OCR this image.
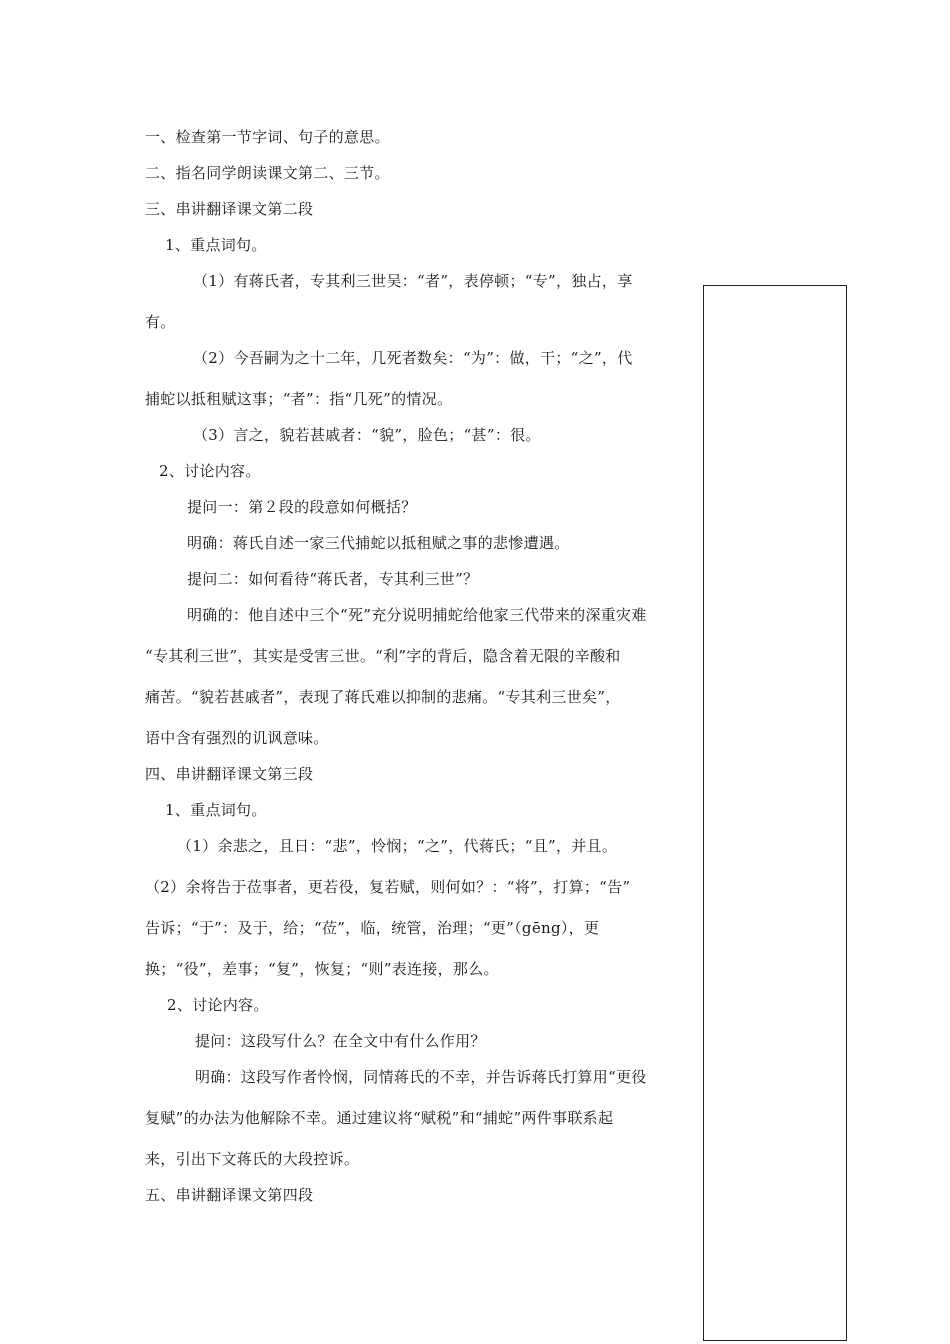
一、检查第一节字词、句子的意思。
二、指名同学朗读课文第二、三节。
三、串讲翻译课文第二段
1、重点词句。
（1）有蒋氏者，专其利三世吴：“者”，表停顿；“专”，独占，享
有。
（2）今吾嗣为之十二年，几死者数矣：“为”：做，干；“之”，代
捕蛇以抵租赋这事；“者”：指“几死”的情况。
（3）言之，貌若甚戚者：“貌”，脸色；“甚”：很。
2、讨论内容。
提问一：第２段的段意如何概括？
明确：蒋氏自述一家三代捕蛇以抵租赋之事的悲惨遭遇。
提问二：如何看待“蒋氏者，专其利三世”？
明确的：他自述中三个“死”充分说明捕蛇给他家三代带来的深重灾难
“专其利三世”，其实是受害三世。“利”字的背后，隐含着无限的辛酸和
痛苦。“貌若甚戚者”，表现了蒋氏难以抑制的悲痛。“专其利三世矣”，
语中含有强烈的讥讽意味。
四、串讲翻译课文第三段
1、重点词句。
（1）余悲之，且日：“悲”，怜悯；“之”，代蒋氏；“且”，并且。
（2）余将告于莅事者，更若役，复若赋，则何如？：“将”，打算；“告”
告诉；“于”：及于，给；“莅”，临，统管，治理；“更”（gēng），更
换；“役”，差事；“复”，恢复；“则”表连接，那么。
2、讨论内容。
提问：这段写什么？在全文中有什么作用？
明确：这段写作者怜悯，同情蒋氏的不幸，并告诉蒋氏打算用“更役
复赋”的办法为他解除不幸。通过建议将“赋税”和“捕蛇”两件事联系起
来，引出下文蒋氏的大段控诉。
五、串讲翻译课文第四段
